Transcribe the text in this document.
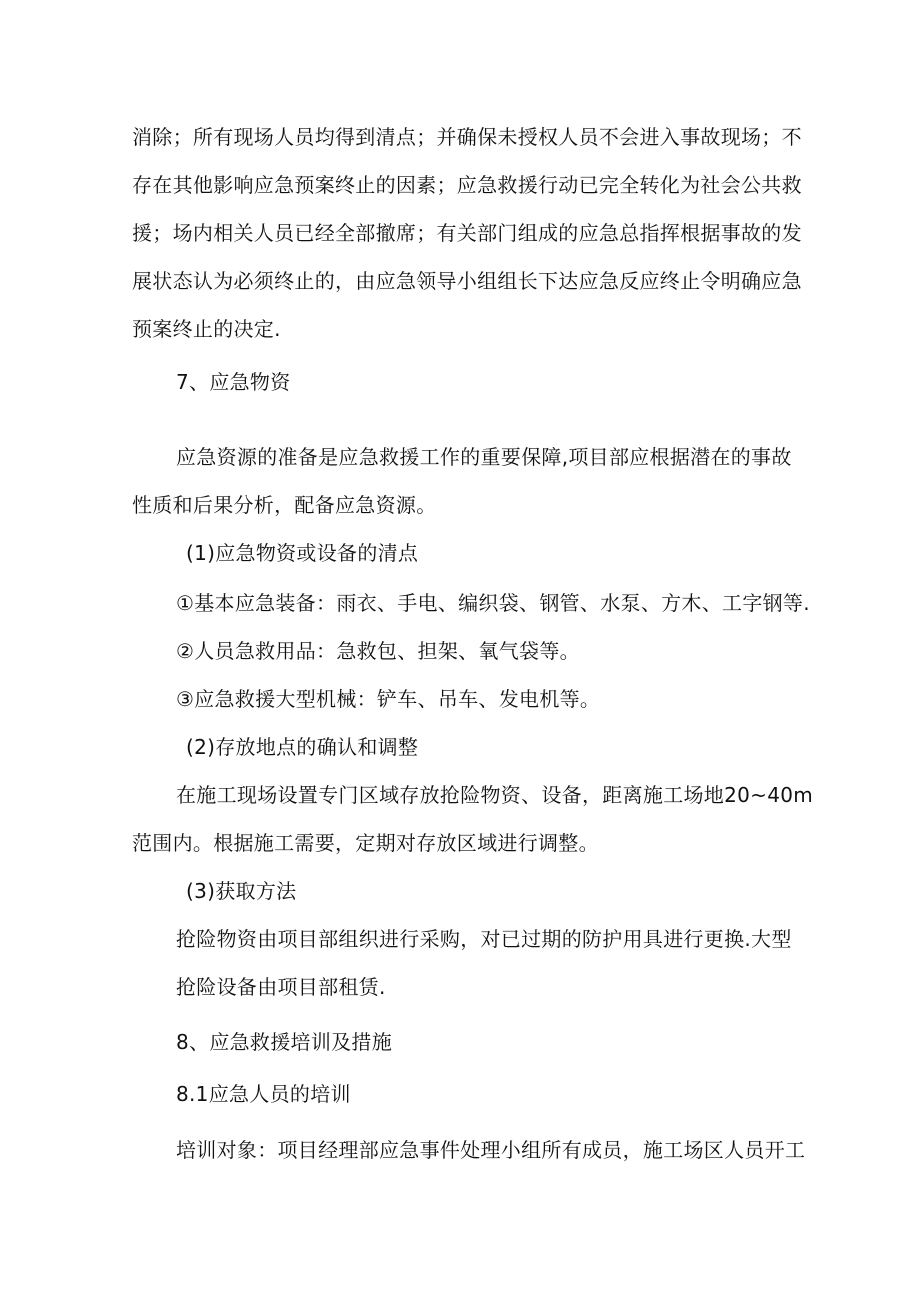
消除；所有现场人员均得到清点；并确保未授权人员不会进入事故现场；不
存在其他影响应急预案终止的因素；应急救援行动已完全转化为社会公共救
援；场内相关人员已经全部撤席；有关部门组成的应急总指挥根据事故的发
展状态认为必须终止的，由应急领导小组组长下达应急反应终止令明确应急
预案终止的决定.
7、应急物资
应急资源的准备是应急救援工作的重要保障,项目部应根据潜在的事故
性质和后果分析，配备应急资源。
(1)应急物资或设备的清点
①基本应急装备：雨衣、手电、编织袋、钢管、水泵、方木、工字钢等.
②人员急救用品：急救包、担架、氧气袋等。
③应急救援大型机械：铲车、吊车、发电机等。
(2)存放地点的确认和调整
在施工现场设置专门区域存放抢险物资、设备，距离施工场地20~40m
范围内。根据施工需要，定期对存放区域进行调整。
(3)获取方法
抢险物资由项目部组织进行采购，对已过期的防护用具进行更换.大型
抢险设备由项目部租赁.
8、应急救援培训及措施
8.1应急人员的培训
培训对象：项目经理部应急事件处理小组所有成员，施工场区人员开工
